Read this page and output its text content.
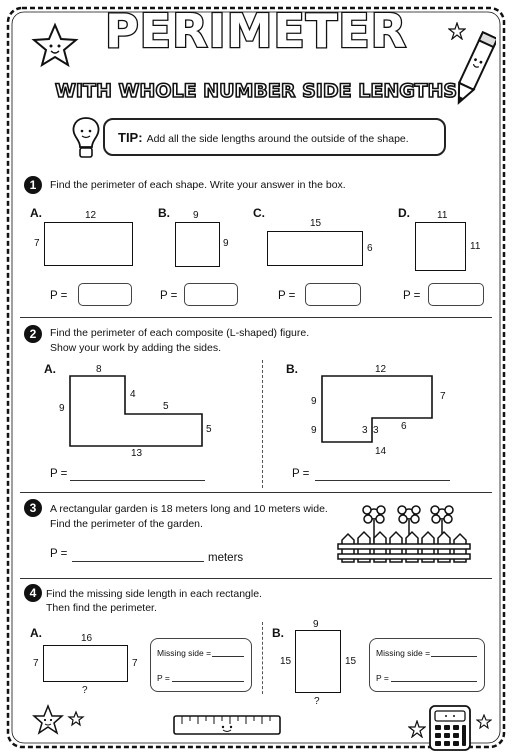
PERIMETER
WITH WHOLE NUMBER SIDE LENGTHS
TIP: Add all the side lengths around the outside of the shape.
1	Find the perimeter of each shape. Write your answer in the box.
A.	12
7
P =
B. 9
9
P =
C.
15
6
P =
D.	11
11
P =
2	Find the perimeter of each composite (L-shaped) figure.
Show your work by adding the sides.
A.	8
4
5
9
5
13
P =
B.	12
9	7
9	3 3 6
14
P =
3	A rectangular garden is 18 meters long and 10 meters wide.
Find the perimeter of the garden.
P =	meters
4 Find the missing side length in each rectangle.
Then find the perimeter.
A.	16
7	7
?
Missing side =
P =
B.
9
15	15
?
Missing side =
P =
